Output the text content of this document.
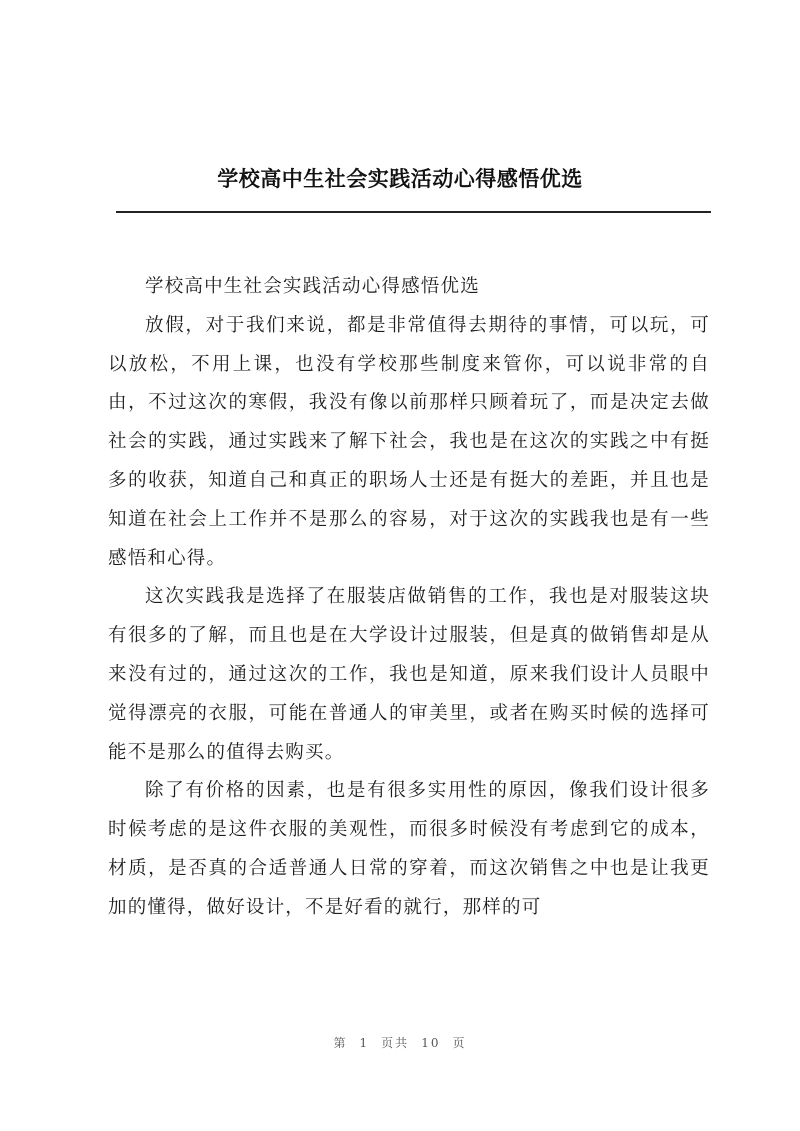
学校高中生社会实践活动心得感悟优选

学校高中生社会实践活动心得感悟优选

放假，对于我们来说，都是非常值得去期待的事情，可以玩，可以放松，不用上课，也没有学校那些制度来管你，可以说非常的自由，不过这次的寒假，我没有像以前那样只顾着玩了，而是决定去做社会的实践，通过实践来了解下社会，我也是在这次的实践之中有挺多的收获，知道自己和真正的职场人士还是有挺大的差距，并且也是知道在社会上工作并不是那么的容易，对于这次的实践我也是有一些感悟和心得。

这次实践我是选择了在服装店做销售的工作，我也是对服装这块有很多的了解，而且也是在大学设计过服装，但是真的做销售却是从来没有过的，通过这次的工作，我也是知道，原来我们设计人员眼中觉得漂亮的衣服，可能在普通人的审美里，或者在购买时候的选择可能不是那么的值得去购买。

除了有价格的因素，也是有很多实用性的原因，像我们设计很多时候考虑的是这件衣服的美观性，而很多时候没有考虑到它的成本，材质，是否真的合适普通人日常的穿着，而这次销售之中也是让我更加的懂得，做好设计，不是好看的就行，那样的可

第 1 页共 10 页
